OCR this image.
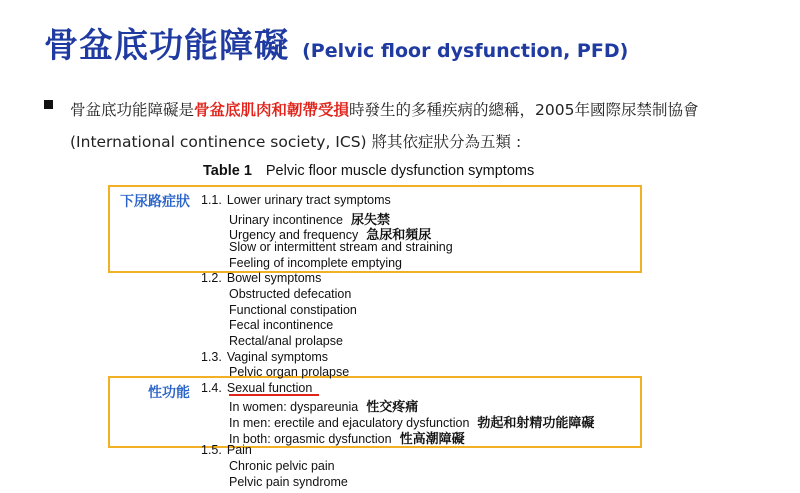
骨盆底功能障礙 (Pelvic floor dysfunction, PFD)
骨盆底功能障礙是骨盆底肌肉和韌帶受損時發生的多種疾病的總稱，2005年國際尿禁制協會(International continence society, ICS) 將其依症狀分為五類 :
Table 1 Pelvic floor muscle dysfunction symptoms
下尿路症狀
性功能
1.1. Lower urinary tract symptoms
Urinary incontinence 尿失禁
Urgency and frequency 急尿和頻尿
Slow or intermittent stream and straining
Feeling of incomplete emptying
1.2. Bowel symptoms
Obstructed defecation
Functional constipation
Fecal incontinence
Rectal/anal prolapse
1.3. Vaginal symptoms
Pelvic organ prolapse
1.4. Sexual function
In women: dyspareunia 性交疼痛
In men: erectile and ejaculatory dysfunction 勃起和射精功能障礙
In both: orgasmic dysfunction 性高潮障礙
1.5. Pain
Chronic pelvic pain
Pelvic pain syndrome
